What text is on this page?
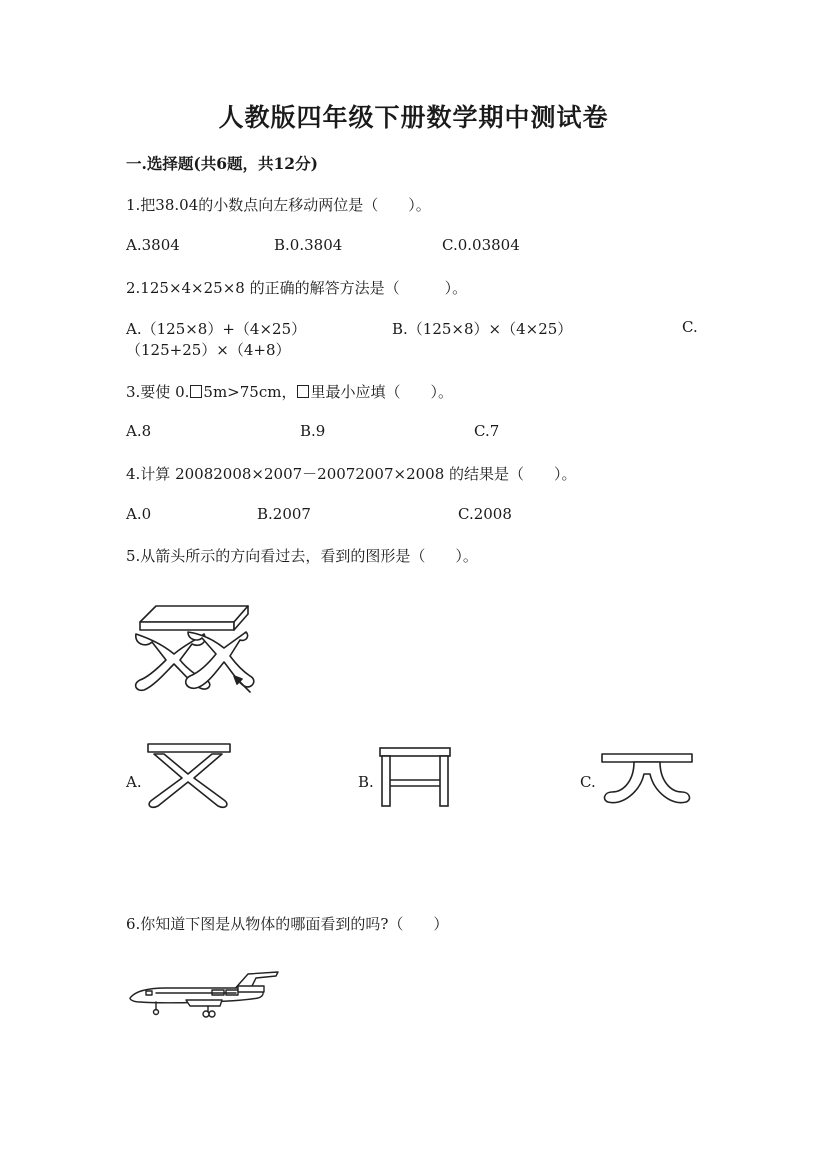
人教版四年级下册数学期中测试卷
一.选择题(共6题，共12分)
1.把38.04的小数点向左移动两位是（　　）。
A.3804	B.0.3804	C.0.03804
2.125×4×25×8 的正确的解答方法是（　　　）。
A.（125×8）+（4×25）	B.（125×8）×（4×25）	C.
（125+25）×（4+8）
3.要使 0. 5m>75cm， 里最小应填（　　）。
A.8	B.9	C.7
4.计算 20082008×2007－20072007×2008 的结果是（　　）。
A.0	B.2007	C.2008
5.从箭头所示的方向看过去，看到的图形是（　　）。
A.	B.	C.
6.你知道下图是从物体的哪面看到的吗?（　　）
